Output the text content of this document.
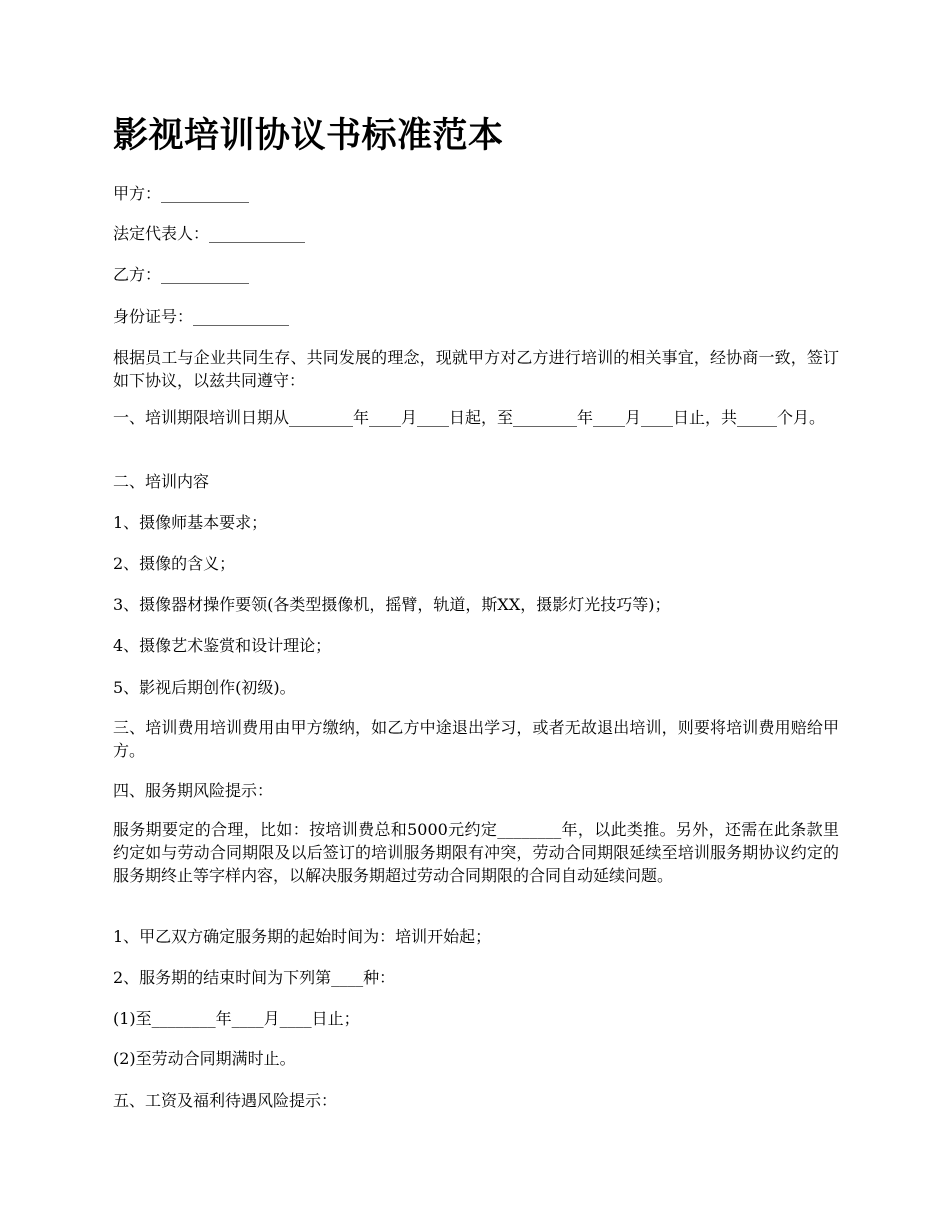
影视培训协议书标准范本

甲方：___________

法定代表人：____________

乙方：___________

身份证号：____________

根据员工与企业共同生存、共同发展的理念，现就甲方对乙方进行培训的相关事宜，经协商一致，签订如下协议，以兹共同遵守：

一、培训期限培训日期从________年____月____日起，至________年____月____日止，共_____个月。

二、培训内容

1、摄像师基本要求；

2、摄像的含义；

3、摄像器材操作要领(各类型摄像机，摇臂，轨道，斯XX，摄影灯光技巧等)；

4、摄像艺术鉴赏和设计理论；

5、影视后期创作(初级)。

三、培训费用培训费用由甲方缴纳，如乙方中途退出学习，或者无故退出培训，则要将培训费用赔给甲方。

四、服务期风险提示：

服务期要定的合理，比如：按培训费总和5000元约定________年，以此类推。另外，还需在此条款里约定如与劳动合同期限及以后签订的培训服务期限有冲突，劳动合同期限延续至培训服务期协议约定的服务期终止等字样内容，以解决服务期超过劳动合同期限的合同自动延续问题。

1、甲乙双方确定服务期的起始时间为：培训开始起；

2、服务期的结束时间为下列第____种：

(1)至________年____月____日止；

(2)至劳动合同期满时止。

五、工资及福利待遇风险提示：
